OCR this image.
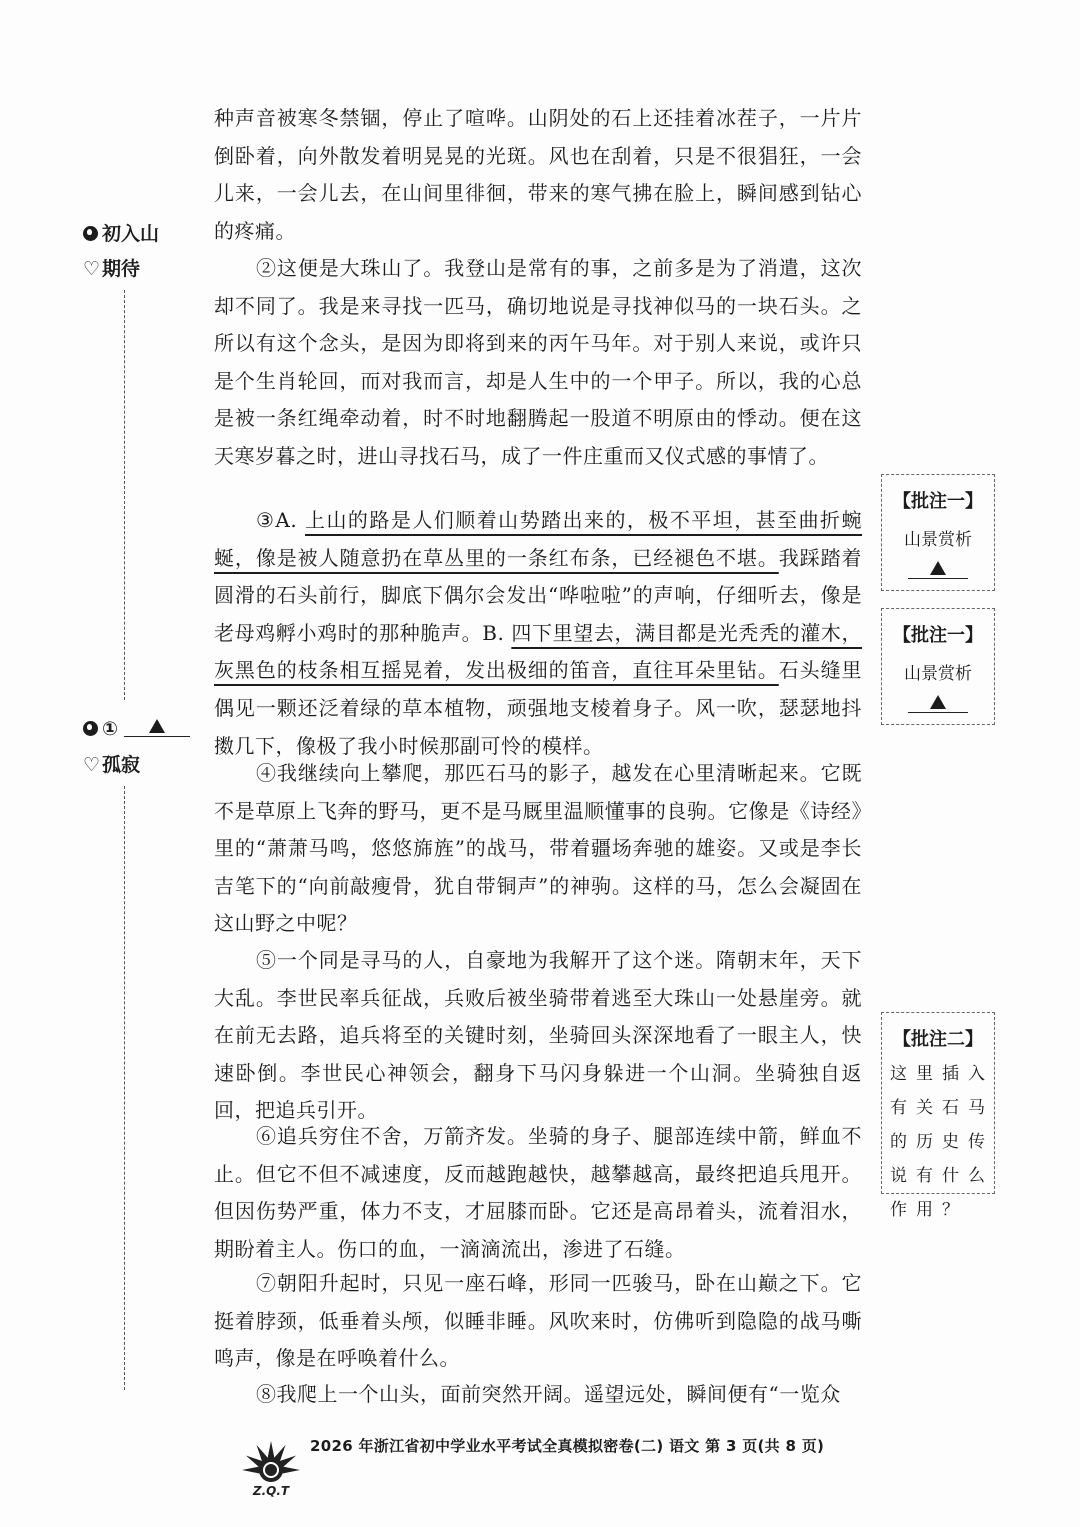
种声音被寒冬禁锢，停止了喧哗。山阴处的石上还挂着冰茬子，一片片倒卧着，向外散发着明晃晃的光斑。风也在刮着，只是不很猖狂，一会儿来，一会儿去，在山间里徘徊，带来的寒气拂在脸上，瞬间感到钻心的疼痛。

②这便是大珠山了。我登山是常有的事，之前多是为了消遣，这次却不同了。我是来寻找一匹马，确切地说是寻找神似马的一块石头。之所以有这个念头，是因为即将到来的丙午马年。对于别人来说，或许只是个生肖轮回，而对我而言，却是人生中的一个甲子。所以，我的心总是被一条红绳牵动着，时不时地翻腾起一股道不明原由的悸动。便在这天寒岁暮之时，进山寻找石马，成了一件庄重而又仪式感的事情了。

③A. 上山的路是人们顺着山势踏出来的，极不平坦，甚至曲折蜿蜒，像是被人随意扔在草丛里的一条红布条，已经褪色不堪。我踩踏着圆滑的石头前行，脚底下偶尔会发出“哗啦啦”的声响，仔细听去，像是老母鸡孵小鸡时的那种脆声。B. 四下里望去，满目都是光秃秃的灌木，灰黑色的枝条相互摇晃着，发出极细的笛音，直往耳朵里钻。石头缝里偶见一颗还泛着绿的草本植物，顽强地支棱着身子。风一吹，瑟瑟地抖擞几下，像极了我小时候那副可怜的模样。

④我继续向上攀爬，那匹石马的影子，越发在心里清晰起来。它既不是草原上飞奔的野马，更不是马厩里温顺懂事的良驹。它像是《诗经》里的“萧萧马鸣，悠悠旆旌”的战马，带着疆场奔驰的雄姿。又或是李长吉笔下的“向前敲瘦骨，犹自带铜声”的神驹。这样的马，怎么会凝固在这山野之中呢？

⑤一个同是寻马的人，自豪地为我解开了这个迷。隋朝末年，天下大乱。李世民率兵征战，兵败后被坐骑带着逃至大珠山一处悬崖旁。就在前无去路，追兵将至的关键时刻，坐骑回头深深地看了一眼主人，快速卧倒。李世民心神领会，翻身下马闪身躲进一个山洞。坐骑独自返回，把追兵引开。

⑥追兵穷住不舍，万箭齐发。坐骑的身子、腿部连续中箭，鲜血不止。但它不但不减速度，反而越跑越快，越攀越高，最终把追兵甩开。但因伤势严重，体力不支，才屈膝而卧。它还是高昂着头，流着泪水，期盼着主人。伤口的血，一滴滴流出，渗进了石缝。

⑦朝阳升起时，只见一座石峰，形同一匹骏马，卧在山巅之下。它挺着脖颈，低垂着头颅，似睡非睡。风吹来时，仿佛听到隐隐的战马嘶鸣声，像是在呼唤着什么。

⑧我爬上一个山头，面前突然开阔。遥望远处，瞬间便有“一览众

初入山
♡ 期待
①
♡ 孤寂
【批注一】
山景赏析
【批注一】
山景赏析
【批注二】
这里插入有关石马的历史传说有什么作用？
Z.Q.T
2026 年浙江省初中学业水平考试全真模拟密卷(二) 语文 第 3 页(共 8 页)
